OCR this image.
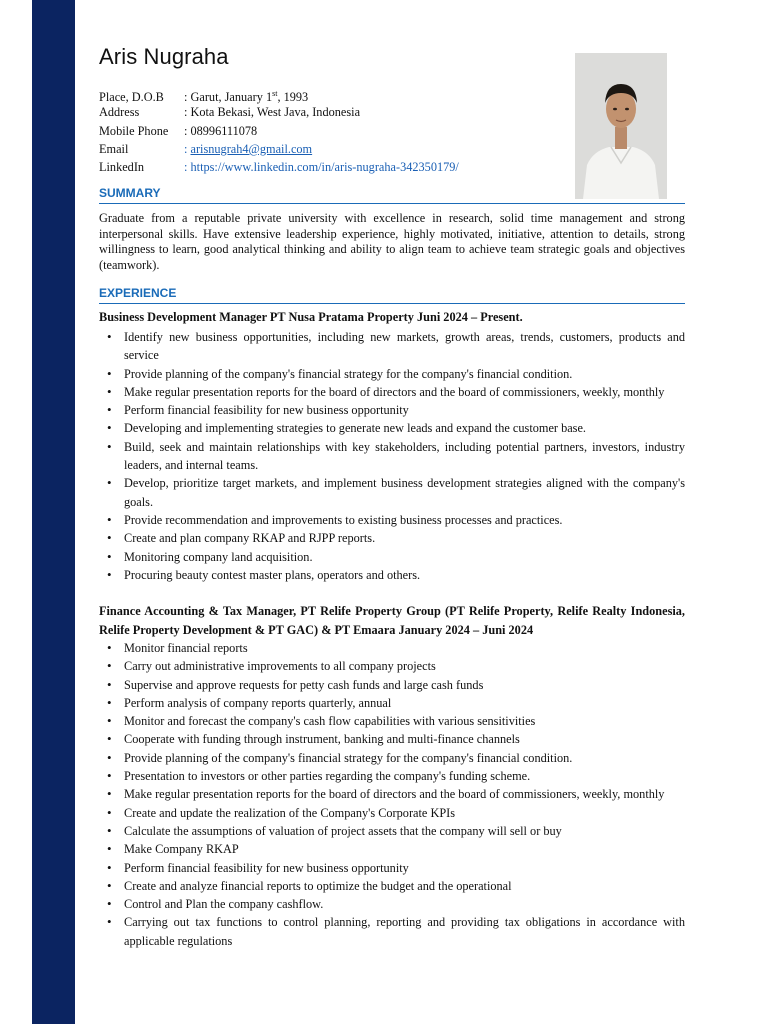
Aris Nugraha
Place, D.O.B : Garut, January 1st, 1993
Address	: Kota Bekasi, West Java, Indonesia
Mobile Phone : 08996111078
Email	: arisnugrah4@gmail.com
LinkedIn	: https://www.linkedin.com/in/aris-nugraha-342350179/
SUMMARY

Graduate from a reputable private university with excellence in research, solid time management and strong interpersonal skills. Have extensive leadership experience, highly motivated, initiative, attention to details, strong willingness to learn, good analytical thinking and ability to align team to achieve team strategic goals and objectives (teamwork).

EXPERIENCE

Business Development Manager PT Nusa Pratama Property Juni 2024 – Present.

• Identify new business opportunities, including new markets, growth areas, trends, customers, products and service
• Provide planning of the company's financial strategy for the company's financial condition.
• Make regular presentation reports for the board of directors and the board of commissioners, weekly, monthly
• Perform financial feasibility for new business opportunity
• Developing and implementing strategies to generate new leads and expand the customer base.
• Build, seek and maintain relationships with key stakeholders, including potential partners, investors, industry leaders, and internal teams.
• Develop, prioritize target markets, and implement business development strategies aligned with the company's goals.
• Provide recommendation and improvements to existing business processes and practices.
• Create and plan company RKAP and RJPP reports.
• Monitoring company land acquisition.
• Procuring beauty contest master plans, operators and others.

Finance Accounting & Tax Manager, PT Relife Property Group (PT Relife Property, Relife Realty Indonesia, Relife Property Development & PT GAC) & PT Emaara January 2024 – Juni 2024

• Monitor financial reports
• Carry out administrative improvements to all company projects
• Supervise and approve requests for petty cash funds and large cash funds
• Perform analysis of company reports quarterly, annual
• Monitor and forecast the company's cash flow capabilities with various sensitivities
• Cooperate with funding through instrument, banking and multi-finance channels
• Provide planning of the company's financial strategy for the company's financial condition.
• Presentation to investors or other parties regarding the company's funding scheme.
• Make regular presentation reports for the board of directors and the board of commissioners, weekly, monthly
• Create and update the realization of the Company's Corporate KPIs
• Calculate the assumptions of valuation of project assets that the company will sell or buy
• Make Company RKAP
• Perform financial feasibility for new business opportunity
• Create and analyze financial reports to optimize the budget and the operational
• Control and Plan the company cashflow.
• Carrying out tax functions to control planning, reporting and providing tax obligations in accordance with applicable regulations
